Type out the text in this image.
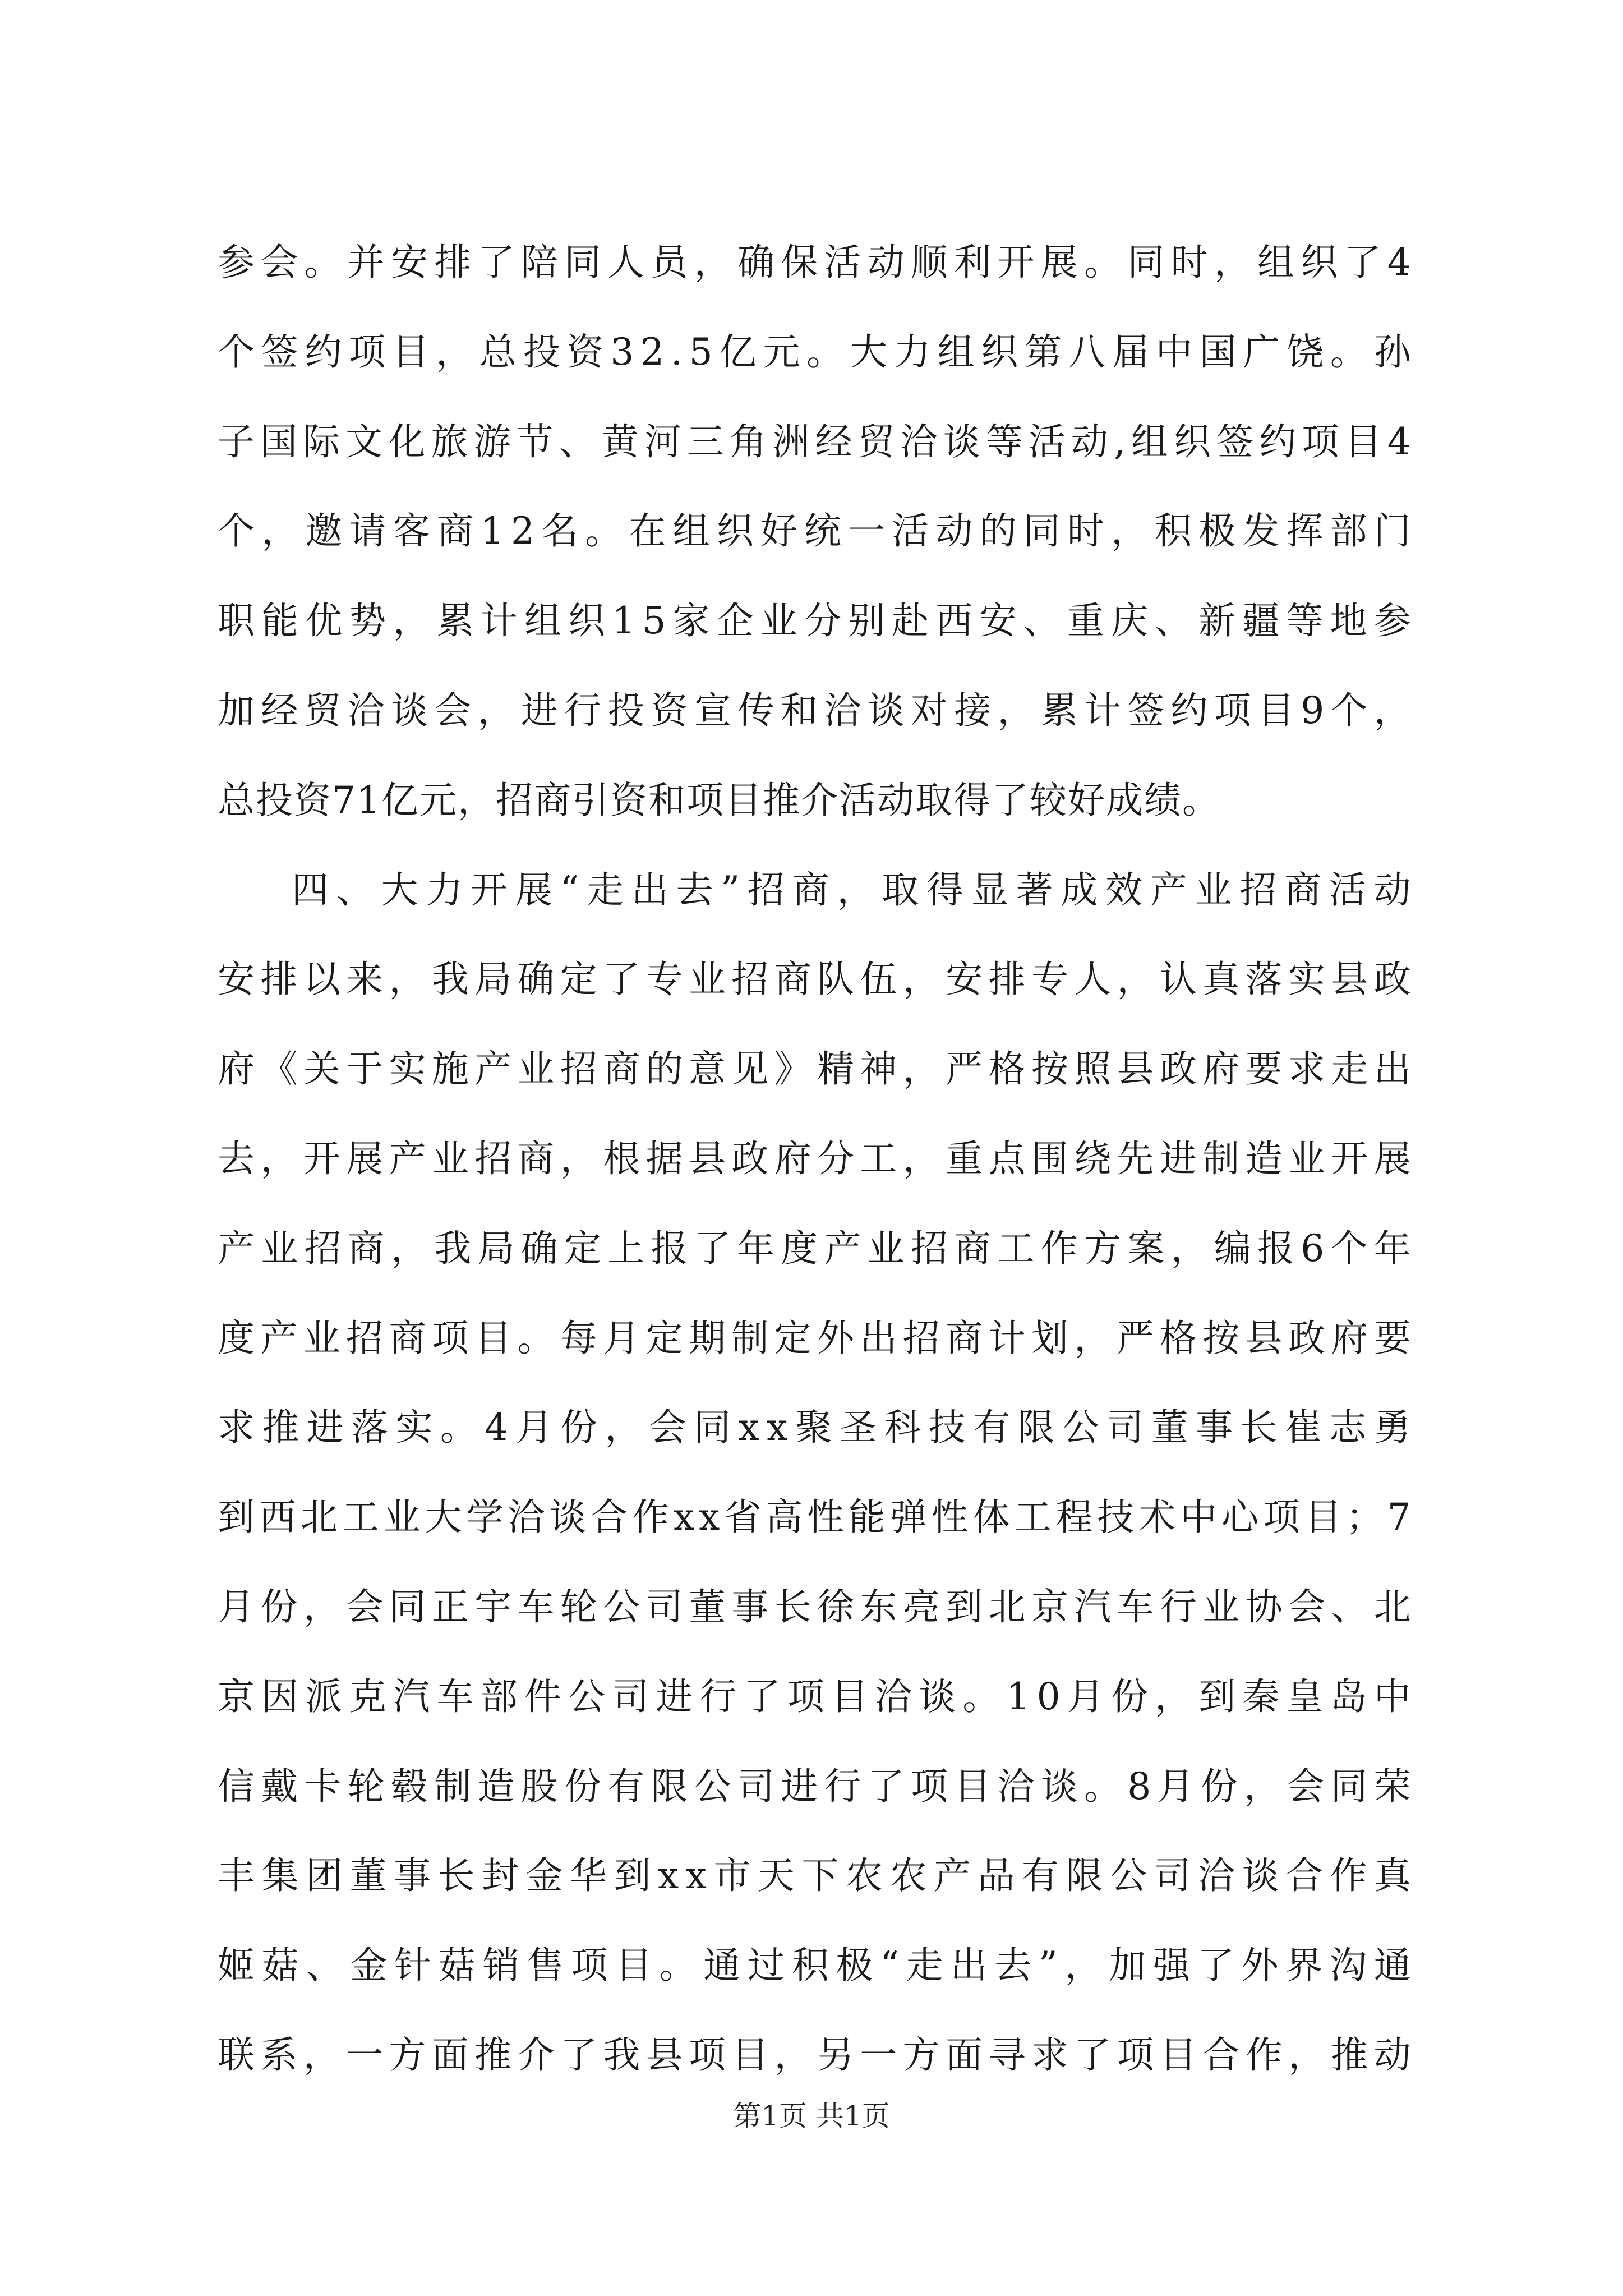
参 会 。 并 安 排 了 陪 同 人 员 ， 确 保 活 动 顺 利 开 展 。 同 时 ， 组 织 了 4
个 签 约 项 目 ， 总 投 资 3 2 . 5 亿 元 。 大 力 组 织 第 八 届 中 国 广 饶 。 孙
子 国 际 文 化 旅 游 节 、 黄 河 三 角 洲 经 贸 洽 谈 等 活 动 , 组 织 签 约 项 目 4
个 ， 邀 请 客 商 1 2 名 。 在 组 织 好 统 一 活 动 的 同 时 ， 积 极 发 挥 部 门
职 能 优 势 ， 累 计 组 织 1 5 家 企 业 分 别 赴 西 安 、 重 庆 、 新 疆 等 地 参
加 经 贸 洽 谈 会 ， 进 行 投 资 宣 传 和 洽 谈 对 接 ， 累 计 签 约 项 目 9 个 ，
总投资71亿元，招商引资和项目推介活动取得了较好成绩。
四 、 大 力 开 展 “ 走 出 去 ” 招 商 ， 取 得 显 著 成 效 产 业 招 商 活 动
安 排 以 来 ， 我 局 确 定 了 专 业 招 商 队 伍 ， 安 排 专 人 ， 认 真 落 实 县 政
府 《 关 于 实 施 产 业 招 商 的 意 见 》 精 神 ， 严 格 按 照 县 政 府 要 求 走 出
去 ， 开 展 产 业 招 商 ， 根 据 县 政 府 分 工 ， 重 点 围 绕 先 进 制 造 业 开 展
产 业 招 商 ， 我 局 确 定 上 报 了 年 度 产 业 招 商 工 作 方 案 ， 编 报 6 个 年
度 产 业 招 商 项 目 。 每 月 定 期 制 定 外 出 招 商 计 划 ， 严 格 按 县 政 府 要
求 推 进 落 实 。 4 月 份 ， 会 同 x x 聚 圣 科 技 有 限 公 司 董 事 长 崔 志 勇
到 西 北 工 业 大 学 洽 谈 合 作 x x 省 高 性 能 弹 性 体 工 程 技 术 中 心 项 目 ； 7
月 份 ， 会 同 正 宇 车 轮 公 司 董 事 长 徐 东 亮 到 北 京 汽 车 行 业 协 会 、 北
京 因 派 克 汽 车 部 件 公 司 进 行 了 项 目 洽 谈 。 1 0 月 份 ， 到 秦 皇 岛 中
信 戴 卡 轮 毂 制 造 股 份 有 限 公 司 进 行 了 项 目 洽 谈 。 8 月 份 ， 会 同 荣
丰 集 团 董 事 长 封 金 华 到 x x 市 天 下 农 农 产 品 有 限 公 司 洽 谈 合 作 真
姬 菇 、 金 针 菇 销 售 项 目 。 通 过 积 极 “ 走 出 去 ” ， 加 强 了 外 界 沟 通
联 系 ， 一 方 面 推 介 了 我 县 项 目 ， 另 一 方 面 寻 求 了 项 目 合 作 ， 推 动
第1页 共1页
